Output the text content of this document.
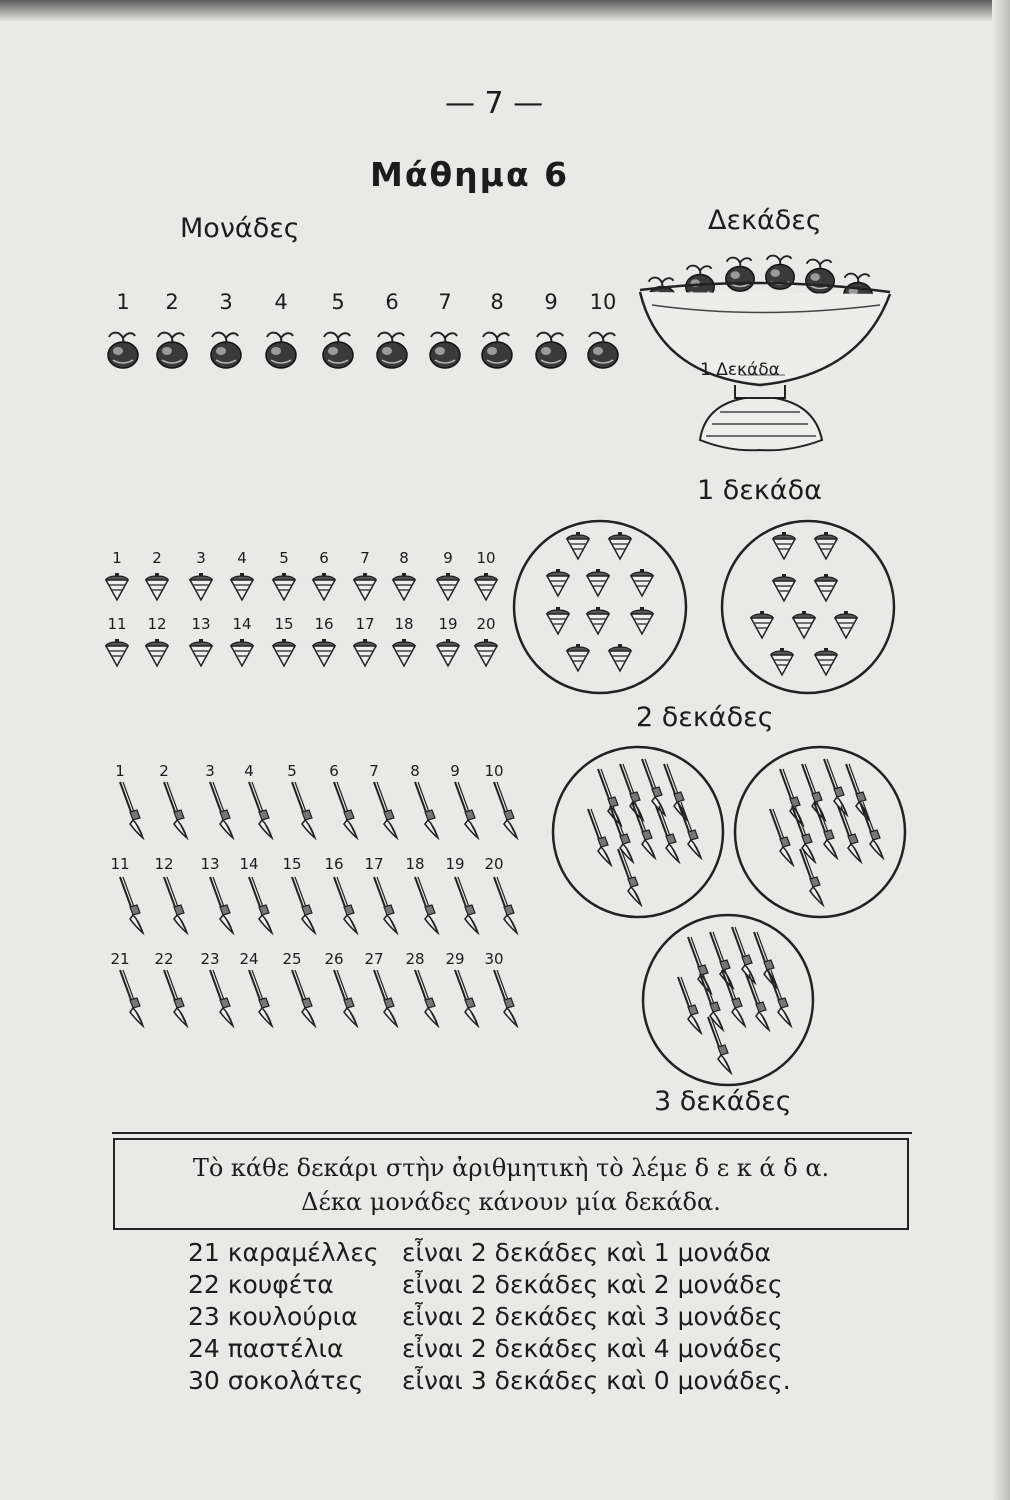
— 7 —
Μάθημα 6
Μονάδες	Δεκάδες
1 2 3 4 5 6 7 8 9 10
1
11
2
12
3
13
4
14
5
15
6
16
7
17
8
18
9
19
10
20
1
11
21
2
12
22
3
13
23
4
14
24
5
15
25
6
16
26
7
17
27
8
18
28
9
19
29
10
20
30
1 Δεκάδα
1 δεκάδα
2 δεκάδες
3 δεκάδες
Τὸ κάθε δεκάρι στὴν ἀριθμητικὴ τὸ λέμε δ ε κ ά δ α.
Δέκα μονάδες κάνουν μία δεκάδα.
21 καραμέλλες εἶναι 2 δεκάδες καὶ 1 μονάδα
22 κουφέτα	εἶναι 2 δεκάδες καὶ 2 μονάδες
23 κουλούρια εἶναι 2 δεκάδες καὶ 3 μονάδες
24 παστέλια εἶναι 2 δεκάδες καὶ 4 μονάδες
30 σοκολάτες εἶναι 3 δεκάδες καὶ 0 μονάδες.
